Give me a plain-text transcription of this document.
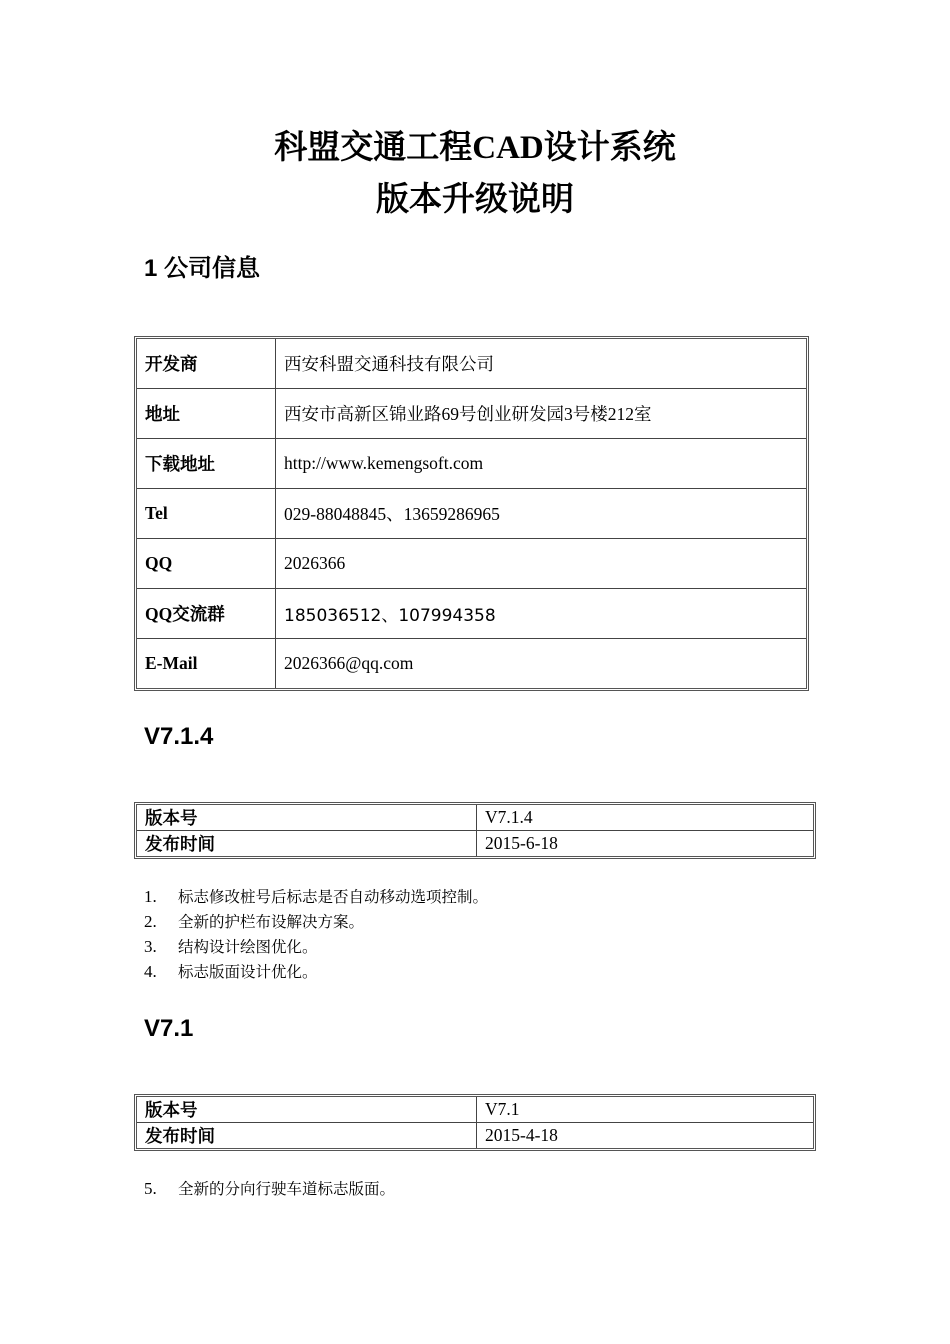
科盟交通工程CAD设计系统
版本升级说明
1 公司信息
开发商	西安科盟交通科技有限公司
地址	西安市高新区锦业路69号创业研发园3号楼212室
下载地址	http://www.kemengsoft.com
Tel	029-88048845、13659286965
QQ	2026366
QQ交流群	185036512、107994358
E-Mail	2026366@qq.com
V7.1.4
版本号	V7.1.4
发布时间	2015-6-18
1. 标志修改桩号后标志是否自动移动选项控制。
2. 全新的护栏布设解决方案。
3. 结构设计绘图优化。
4. 标志版面设计优化。
V7.1
版本号	V7.1
发布时间	2015-4-18
5. 全新的分向行驶车道标志版面。
